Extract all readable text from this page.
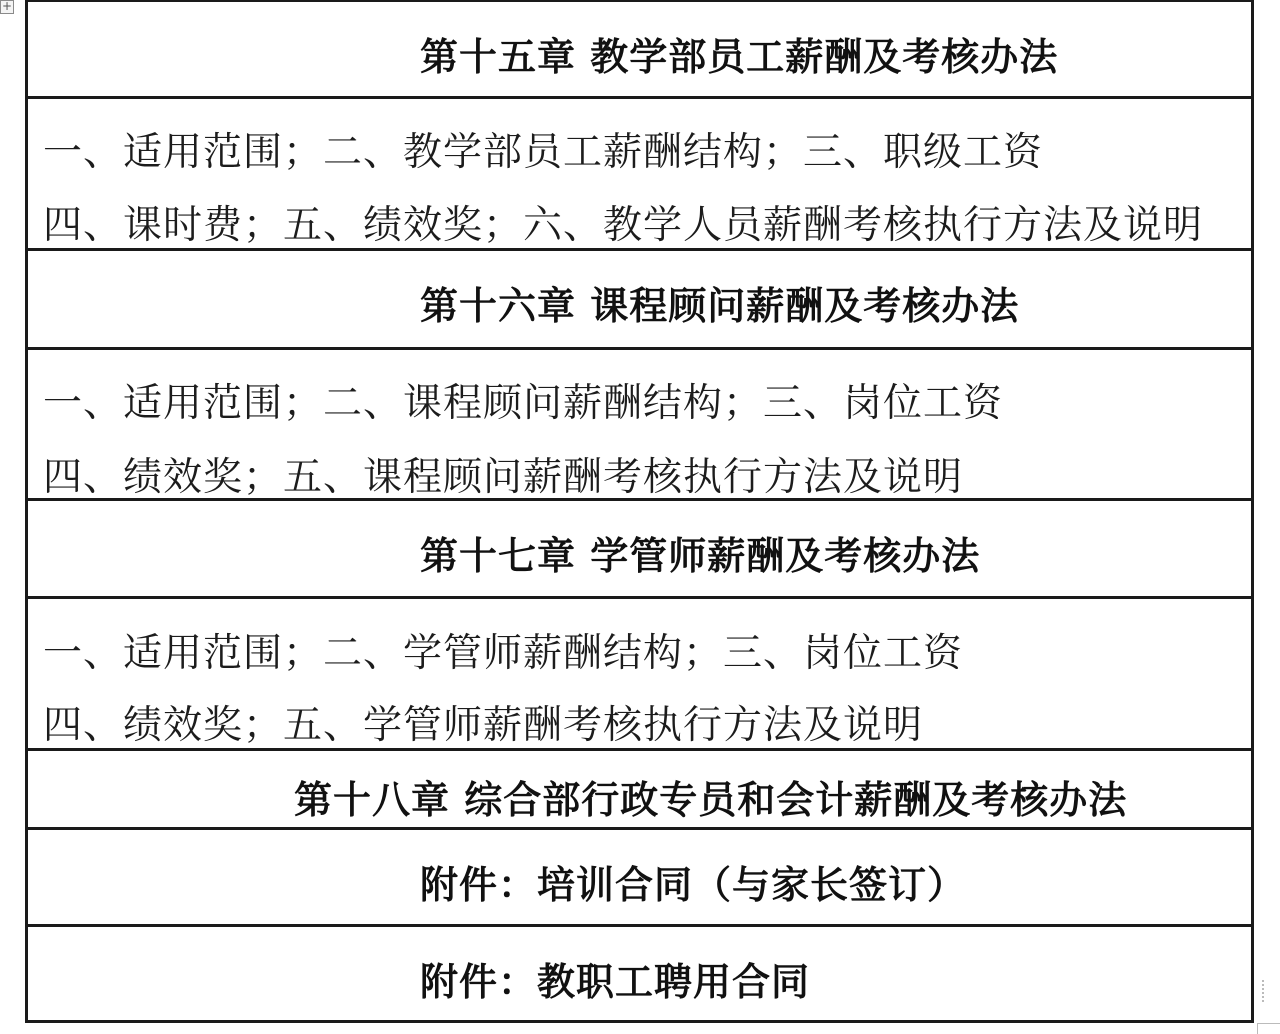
+
第十五章 教学部员工薪酬及考核办法
一、适用范围；二、教学部员工薪酬结构；三、职级工资
四、课时费；五、绩效奖；六、教学人员薪酬考核执行方法及说明
第十六章 课程顾问薪酬及考核办法
一、适用范围；二、课程顾问薪酬结构；三、岗位工资
四、绩效奖；五、课程顾问薪酬考核执行方法及说明
第十七章 学管师薪酬及考核办法
一、适用范围；二、学管师薪酬结构；三、岗位工资
四、绩效奖；五、学管师薪酬考核执行方法及说明
第十八章 综合部行政专员和会计薪酬及考核办法
附件：培训合同（与家长签订）
附件：教职工聘用合同
